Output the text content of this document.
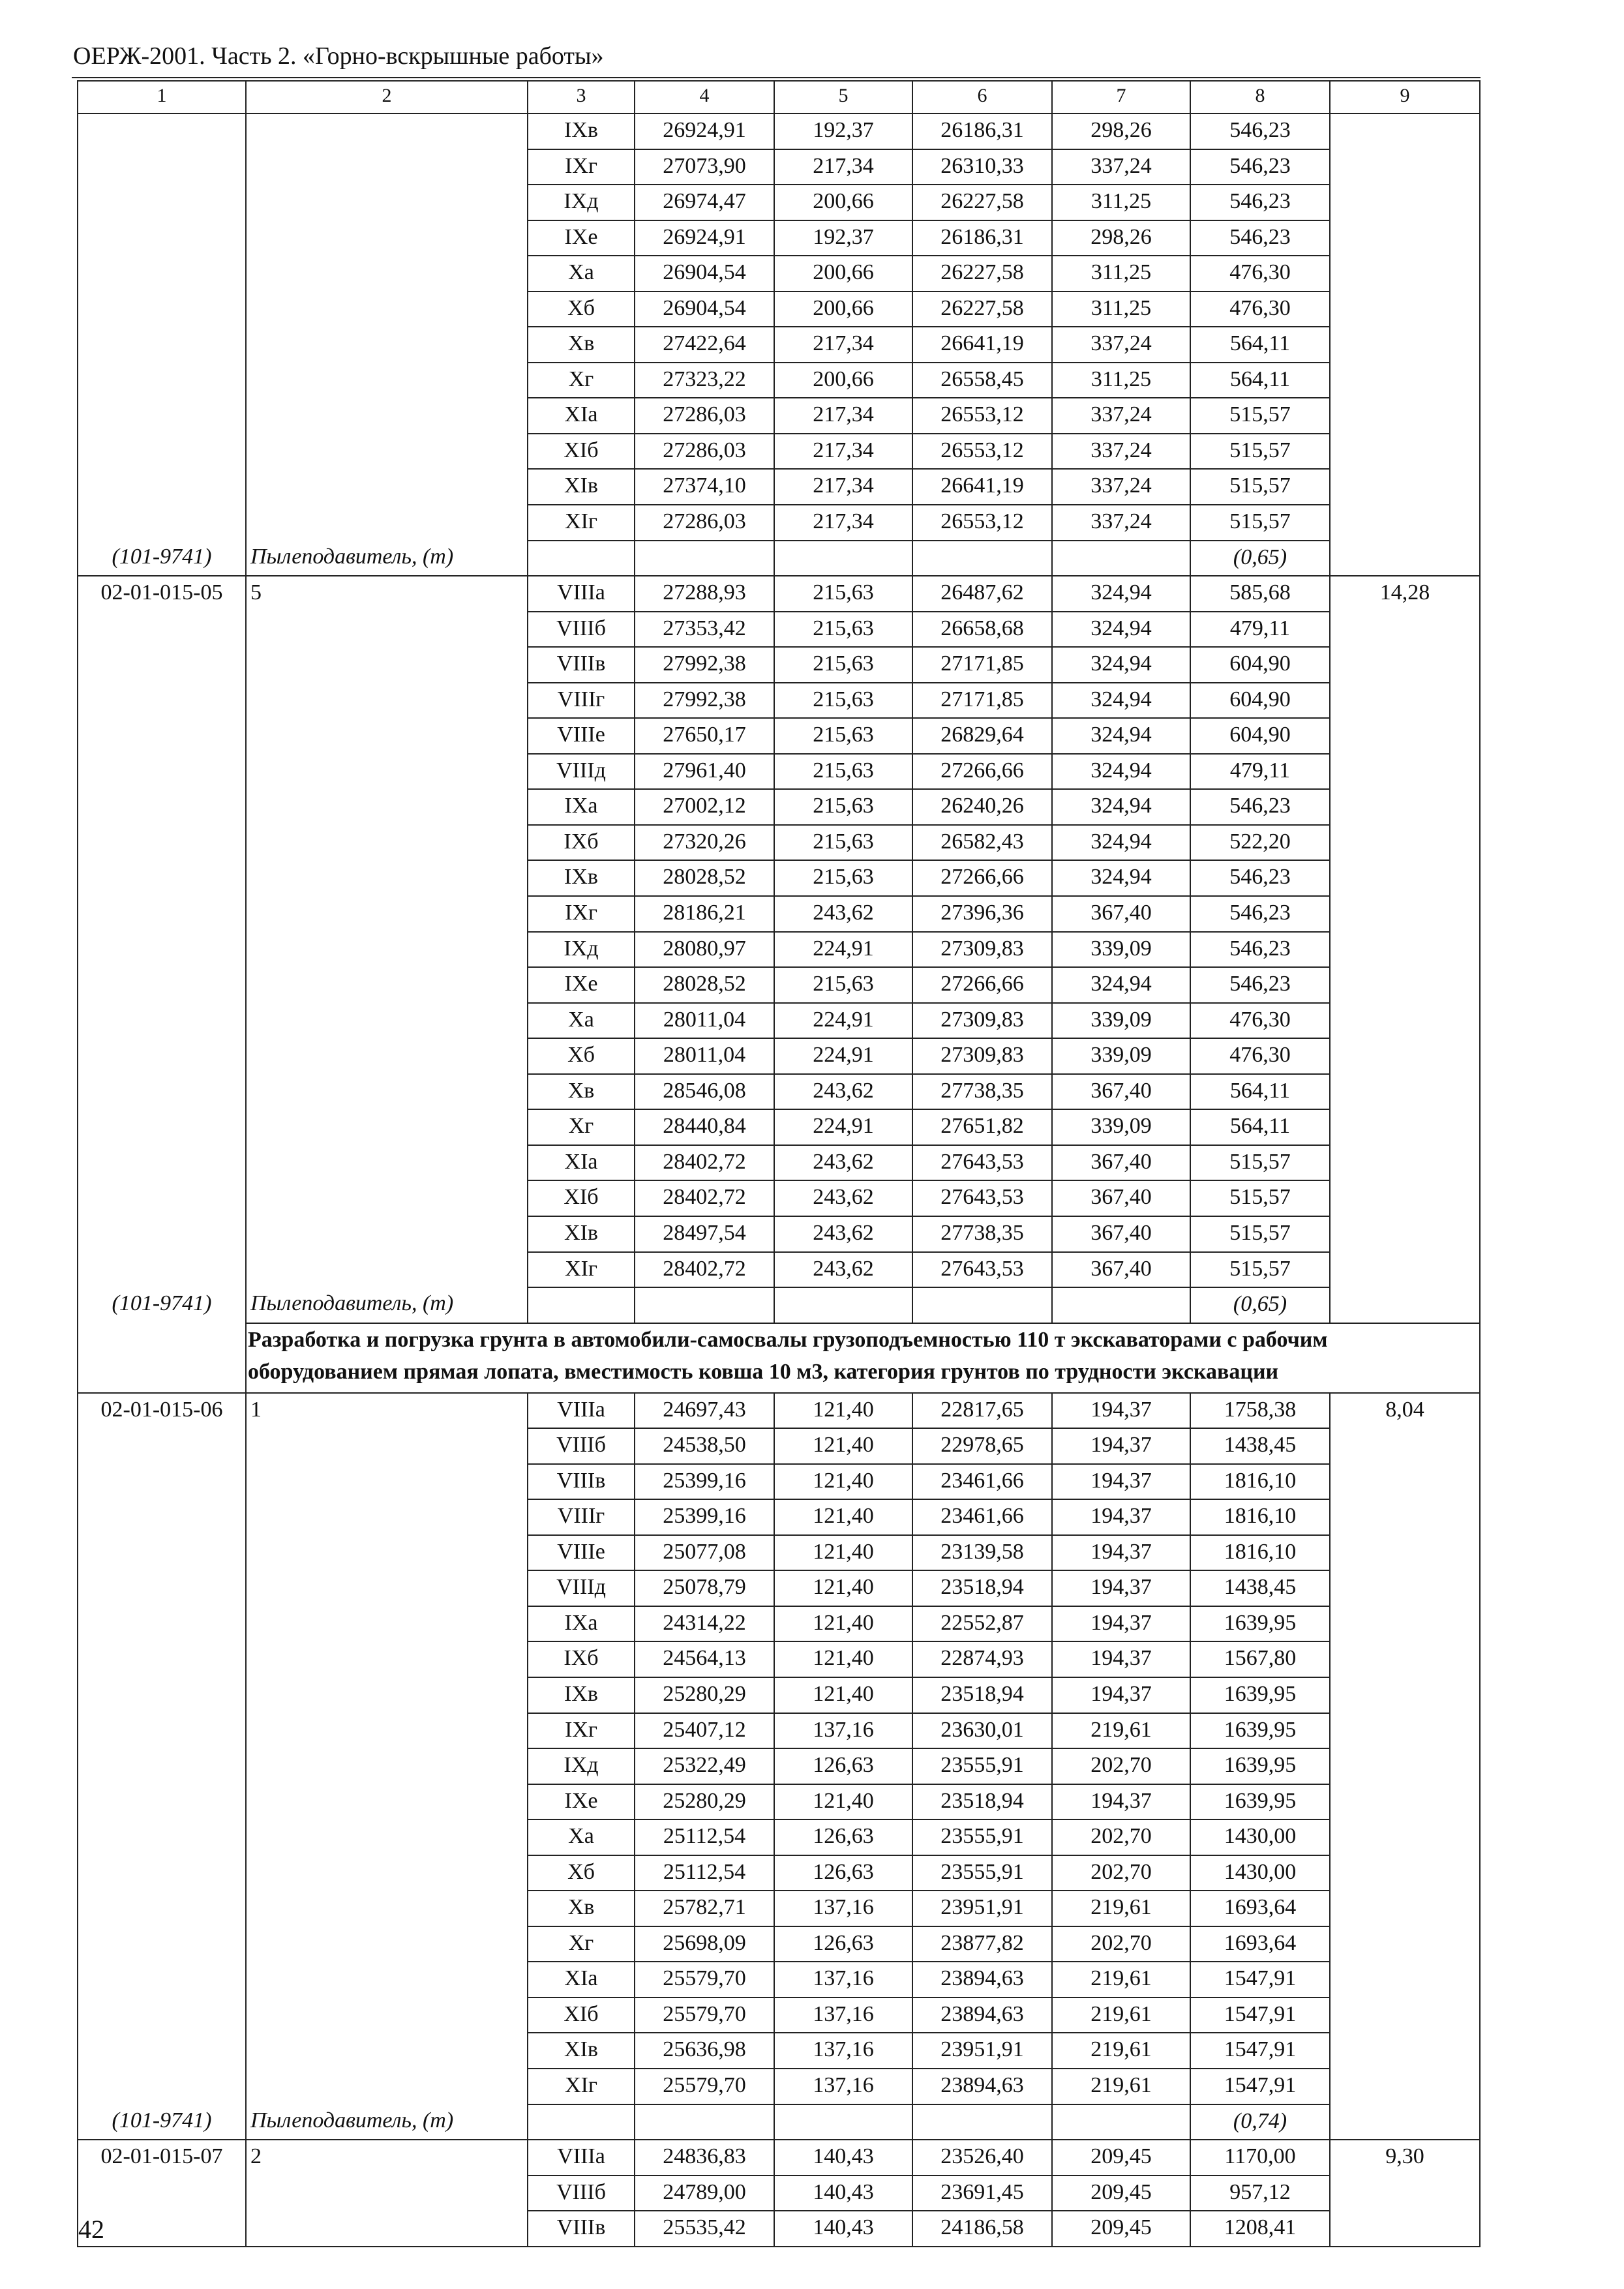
ОЕРЖ-2001. Часть 2. «Горно-вскрышные работы»
1	2	3	4	5	6	7	8	9
		IXв	26924,91	192,37	26186,31	298,26	546,23	
		IXг	27073,90	217,34	26310,33	337,24	546,23	
		IXд	26974,47	200,66	26227,58	311,25	546,23	
		IXе	26924,91	192,37	26186,31	298,26	546,23	
		Xа	26904,54	200,66	26227,58	311,25	476,30	
		Xб	26904,54	200,66	26227,58	311,25	476,30	
		Xв	27422,64	217,34	26641,19	337,24	564,11	
		Xг	27323,22	200,66	26558,45	311,25	564,11	
		XIа	27286,03	217,34	26553,12	337,24	515,57	
		XIб	27286,03	217,34	26553,12	337,24	515,57	
		XIв	27374,10	217,34	26641,19	337,24	515,57	
		XIг	27286,03	217,34	26553,12	337,24	515,57	
(101-9741)	Пылеподавитель, (т)						(0,65)	
02-01-015-05	5	VIIIа	27288,93	215,63	26487,62	324,94	585,68	14,28
		VIIIб	27353,42	215,63	26658,68	324,94	479,11	
		VIIIв	27992,38	215,63	27171,85	324,94	604,90	
		VIIIг	27992,38	215,63	27171,85	324,94	604,90	
		VIIIе	27650,17	215,63	26829,64	324,94	604,90	
		VIIIд	27961,40	215,63	27266,66	324,94	479,11	
		IXа	27002,12	215,63	26240,26	324,94	546,23	
		IXб	27320,26	215,63	26582,43	324,94	522,20	
		IXв	28028,52	215,63	27266,66	324,94	546,23	
		IXг	28186,21	243,62	27396,36	367,40	546,23	
		IXд	28080,97	224,91	27309,83	339,09	546,23	
		IXе	28028,52	215,63	27266,66	324,94	546,23	
		Xа	28011,04	224,91	27309,83	339,09	476,30	
		Xб	28011,04	224,91	27309,83	339,09	476,30	
		Xв	28546,08	243,62	27738,35	367,40	564,11	
		Xг	28440,84	224,91	27651,82	339,09	564,11	
		XIа	28402,72	243,62	27643,53	367,40	515,57	
		XIб	28402,72	243,62	27643,53	367,40	515,57	
		XIв	28497,54	243,62	27738,35	367,40	515,57	
		XIг	28402,72	243,62	27643,53	367,40	515,57	
(101-9741)	Пылеподавитель, (т)						(0,65)	
	Разработка и погрузка грунта в автомобили-самосвалы грузоподъемностью 110 т экскаваторами с рабочим оборудованием прямая лопата, вместимость ковша 10 м3, категория грунтов по трудности экскавации							
02-01-015-06	1	VIIIа	24697,43	121,40	22817,65	194,37	1758,38	8,04
		VIIIб	24538,50	121,40	22978,65	194,37	1438,45	
		VIIIв	25399,16	121,40	23461,66	194,37	1816,10	
		VIIIг	25399,16	121,40	23461,66	194,37	1816,10	
		VIIIе	25077,08	121,40	23139,58	194,37	1816,10	
		VIIIд	25078,79	121,40	23518,94	194,37	1438,45	
		IXа	24314,22	121,40	22552,87	194,37	1639,95	
		IXб	24564,13	121,40	22874,93	194,37	1567,80	
		IXв	25280,29	121,40	23518,94	194,37	1639,95	
		IXг	25407,12	137,16	23630,01	219,61	1639,95	
		IXд	25322,49	126,63	23555,91	202,70	1639,95	
		IXе	25280,29	121,40	23518,94	194,37	1639,95	
		Xа	25112,54	126,63	23555,91	202,70	1430,00	
		Xб	25112,54	126,63	23555,91	202,70	1430,00	
		Xв	25782,71	137,16	23951,91	219,61	1693,64	
		Xг	25698,09	126,63	23877,82	202,70	1693,64	
		XIа	25579,70	137,16	23894,63	219,61	1547,91	
		XIб	25579,70	137,16	23894,63	219,61	1547,91	
		XIв	25636,98	137,16	23951,91	219,61	1547,91	
		XIг	25579,70	137,16	23894,63	219,61	1547,91	
(101-9741)	Пылеподавитель, (т)						(0,74)	
02-01-015-07	2	VIIIа	24836,83	140,43	23526,40	209,45	1170,00	9,30
		VIIIб	24789,00	140,43	23691,45	209,45	957,12	
		VIIIв	25535,42	140,43	24186,58	209,45	1208,41	
42
